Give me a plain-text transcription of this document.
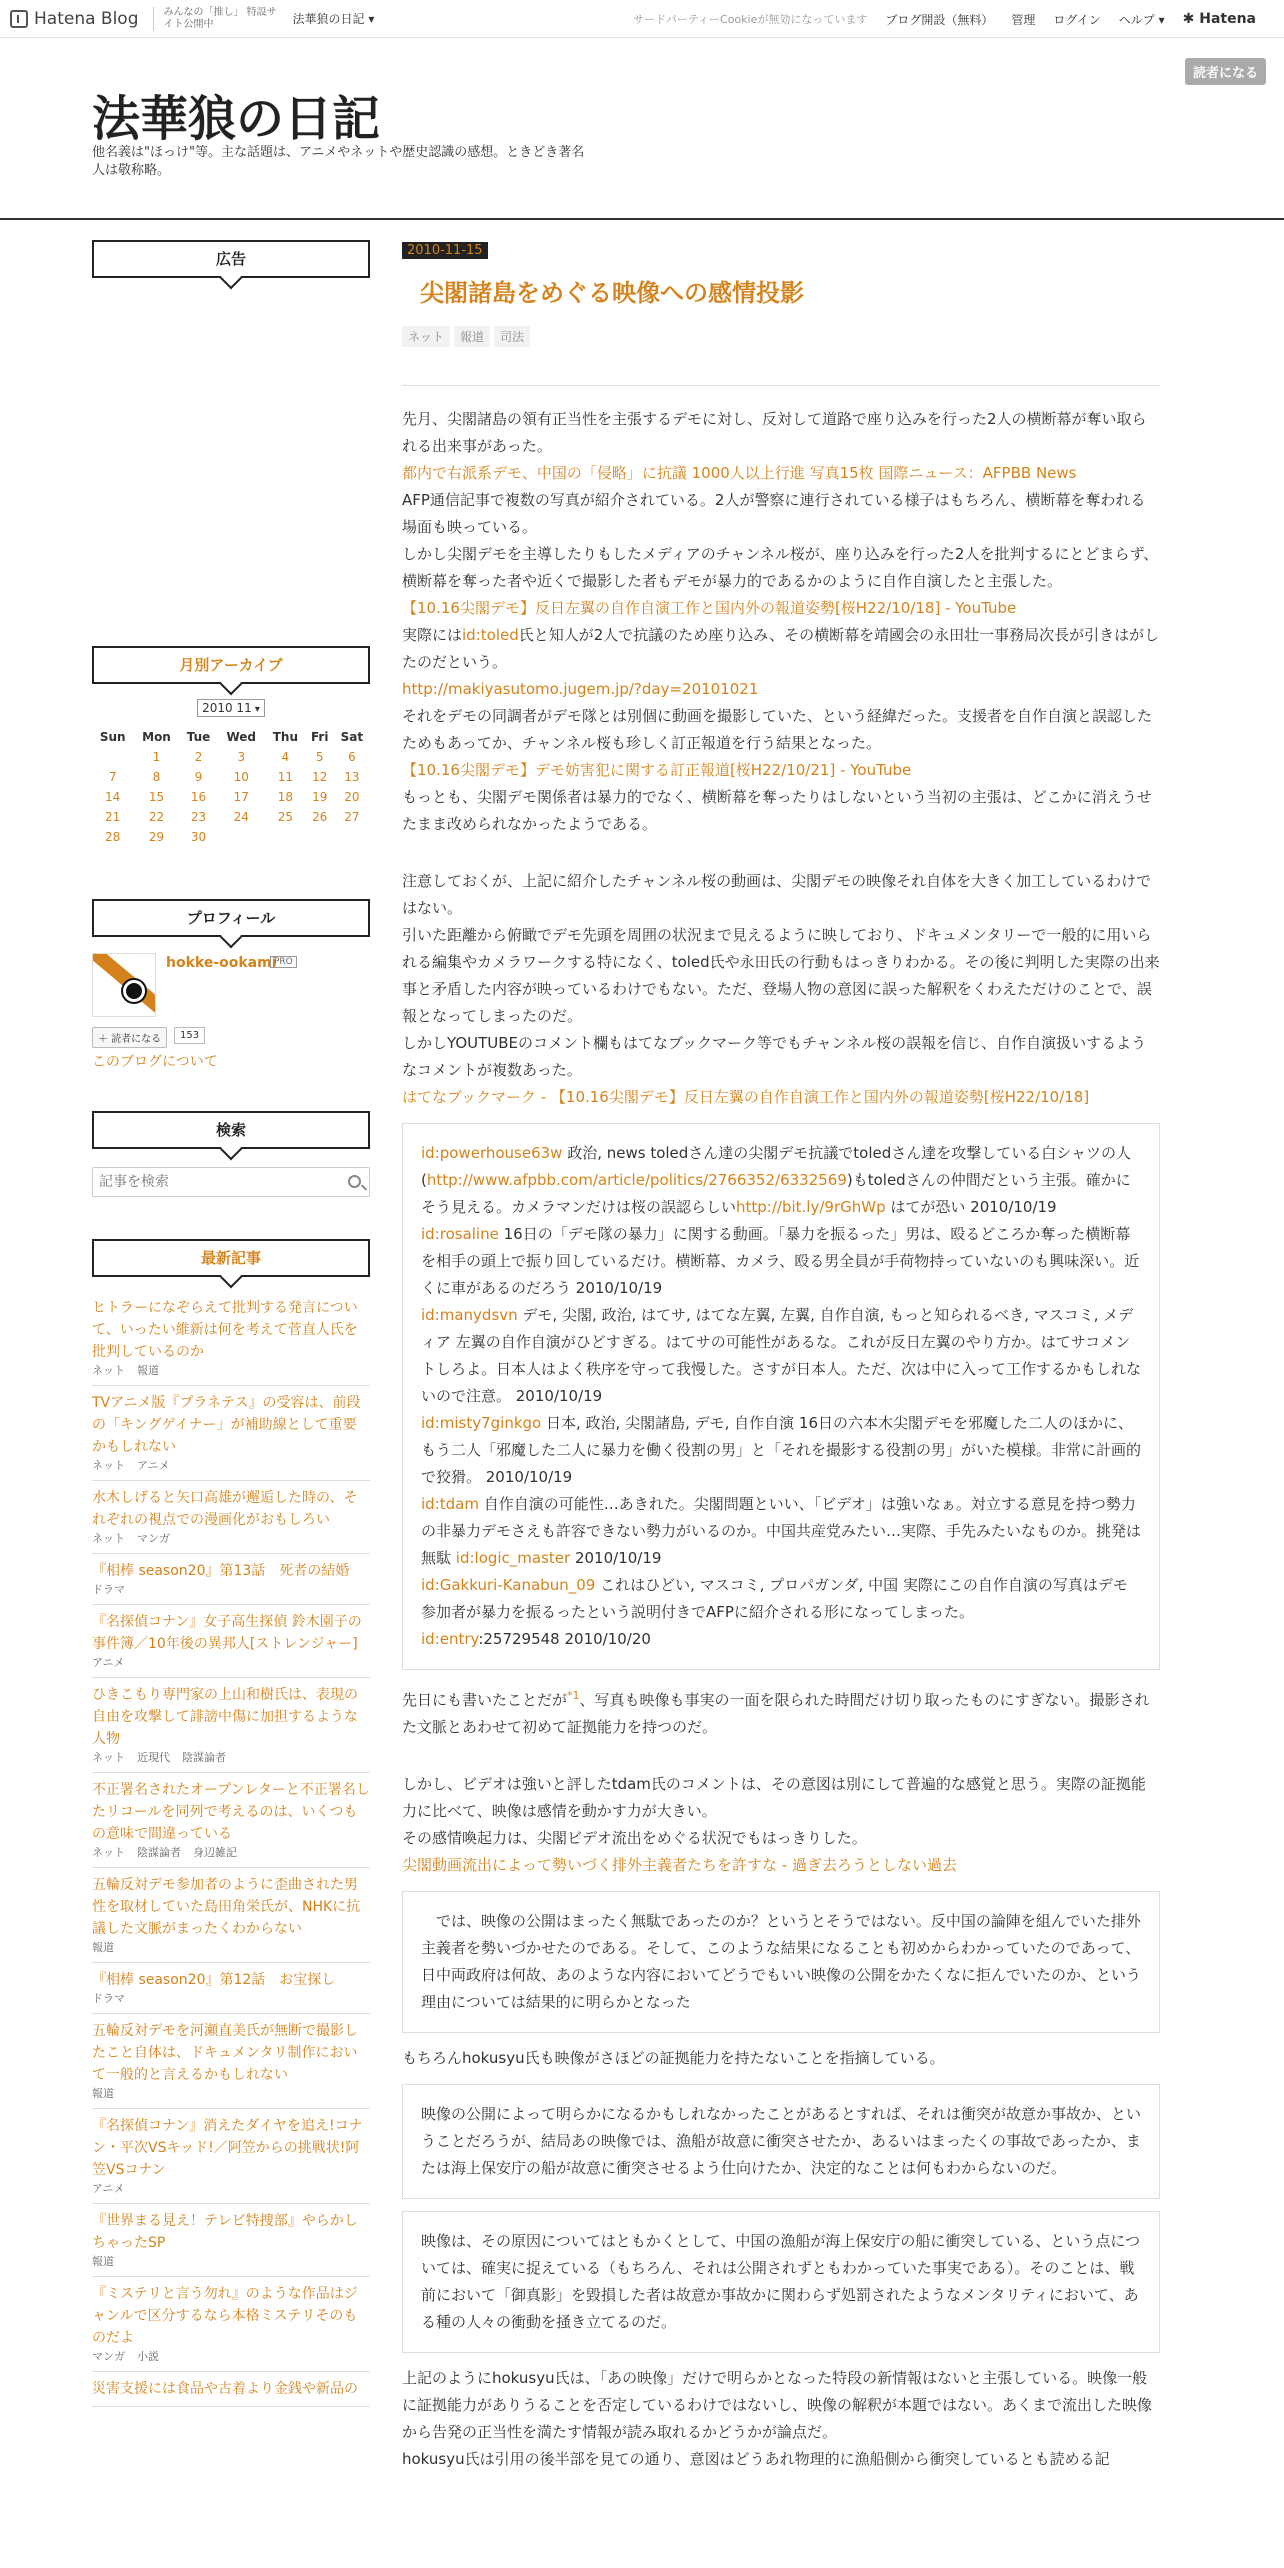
Hatena Blog	みんなの「推し」 特設サイト公開中	法華狼の日記 ▾	サードパーティーCookieが無効になっています ブログ開設（無料） 管理 ログイン ヘルプ ▾ ✱ Hatena
法華狼の日記
他名義は"ほっけ"等。主な話題は、アニメやネットや歴史認識の感想。ときどき著名人は敬称略。
読者になる
広告
月別アーカイブ
2010 11 ▾
Sun	Mon	Tue	Wed	Thu	Fri	Sat
	1	2	3	4	5	6
7	8	9	10	11	12	13
14	15	16	17	18	19	20
21	22	23	24	25	26	27
28	29	30				
プロフィール
hokke-ookami
PRO
＋ 読者になる	153
このブログについて
検索
記事を検索
最新記事
ヒトラーになぞらえて批判する発言について、いったい維新は何を考えて菅直人氏を批判しているのか
ネット 報道
TVアニメ版『プラネテス』の受容は、前段の「キングゲイナー」が補助線として重要かもしれない
ネット アニメ
水木しげると矢口高雄が邂逅した時の、それぞれの視点での漫画化がおもしろい
ネット マンガ
『相棒 season20』第13話　死者の結婚
ドラマ
『名探偵コナン』女子高生探偵 鈴木園子の事件簿／10年後の異邦人[ストレンジャー]
アニメ
ひきこもり専門家の上山和樹氏は、表現の自由を攻撃して誹謗中傷に加担するような人物
ネット 近現代 陰謀論者
不正署名されたオープンレターと不正署名したリコールを同列で考えるのは、いくつもの意味で間違っている
ネット 陰謀論者 身辺雑記
五輪反対デモ参加者のように歪曲された男性を取材していた島田角栄氏が、NHKに抗議した文脈がまったくわからない
報道
『相棒 season20』第12話　お宝探し
ドラマ
五輪反対デモを河瀬直美氏が無断で撮影したこと自体は、ドキュメンタリ制作において一般的と言えるかもしれない
報道
『名探偵コナン』消えたダイヤを追え!コナン・平次VSキッド!／阿笠からの挑戦状!阿笠VSコナン
アニメ
『世界まる見え！テレビ特捜部』やらかしちゃったSP
報道
『ミステリと言う勿れ』のような作品はジャンルで区分するなら本格ミステリそのものだよ
マンガ 小説
災害支援には食品や古着より金銭や新品の
2010-11-15
尖閣諸島をめぐる映像への感情投影
ネット 報道 司法

先月、尖閣諸島の領有正当性を主張するデモに対し、反対して道路で座り込みを行った2人の横断幕が奪い取られる出来事があった。

都内で右派系デモ、中国の「侵略」に抗議 1000人以上行進 写真15枚 国際ニュース：AFPBB News

AFP通信記事で複数の写真が紹介されている。2人が警察に連行されている様子はもちろん、横断幕を奪われる場面も映っている。

しかし尖閣デモを主導したりもしたメディアのチャンネル桜が、座り込みを行った2人を批判するにとどまらず、横断幕を奪った者や近くで撮影した者もデモが暴力的であるかのように自作自演したと主張した。

【10.16尖閣デモ】反日左翼の自作自演工作と国内外の報道姿勢[桜H22/10/18] - YouTube

実際にはid:toled氏と知人が2人で抗議のため座り込み、その横断幕を靖國会の永田壮一事務局次長が引きはがしたのだという。

http://makiyasutomo.jugem.jp/?day=20101021

それをデモの同調者がデモ隊とは別個に動画を撮影していた、という経緯だった。支援者を自作自演と誤認したためもあってか、チャンネル桜も珍しく訂正報道を行う結果となった。

【10.16尖閣デモ】デモ妨害犯に関する訂正報道[桜H22/10/21] - YouTube

もっとも、尖閣デモ関係者は暴力的でなく、横断幕を奪ったりはしないという当初の主張は、どこかに消えうせたまま改められなかったようである。

注意しておくが、上記に紹介したチャンネル桜の動画は、尖閣デモの映像それ自体を大きく加工しているわけではない。

引いた距離から俯瞰でデモ先頭を周囲の状況まで見えるように映しており、ドキュメンタリーで一般的に用いられる編集やカメラワークする特になく、toled氏や永田氏の行動もはっきりわかる。その後に判明した実際の出来事と矛盾した内容が映っているわけでもない。ただ、登場人物の意図に誤った解釈をくわえただけのことで、誤報となってしまったのだ。

しかしYOUTUBEのコメント欄もはてなブックマーク等でもチャンネル桜の誤報を信じ、自作自演扱いするようなコメントが複数あった。

はてなブックマーク - 【10.16尖閣デモ】反日左翼の自作自演工作と国内外の報道姿勢[桜H22/10/18]

id:powerhouse63w 政治, news toledさん達の尖閣デモ抗議でtoledさん達を攻撃している白シャツの人(http://www.afpbb.com/article/politics/2766352/6332569)もtoledさんの仲間だという主張。確かにそう見える。カメラマンだけは桜の誤認らしいhttp://bit.ly/9rGhWp はてが恐い 2010/10/19

id:rosaline 16日の「デモ隊の暴力」に関する動画。「暴力を振るった」男は、殴るどころか奪った横断幕を相手の頭上で振り回しているだけ。横断幕、カメラ、殴る男全員が手荷物持っていないのも興味深い。近くに車があるのだろう 2010/10/19

id:manydsvn デモ, 尖閣, 政治, はてサ, はてな左翼, 左翼, 自作自演, もっと知られるべき, マスコミ, メディア 左翼の自作自演がひどすぎる。はてサの可能性があるな。これが反日左翼のやり方か。はてサコメントしろよ。日本人はよく秩序を守って我慢した。さすが日本人。ただ、次は中に入って工作するかもしれないので注意。 2010/10/19

id:misty7ginkgo 日本, 政治, 尖閣諸島, デモ, 自作自演 16日の六本木尖閣デモを邪魔した二人のほかに、もう二人「邪魔した二人に暴力を働く役割の男」と「それを撮影する役割の男」がいた模様。非常に計画的で狡猾。 2010/10/19

id:tdam 自作自演の可能性…あきれた。尖閣問題といい、「ビデオ」は強いなぁ。対立する意見を持つ勢力の非暴力デモさえも許容できない勢力がいるのか。中国共産党みたい…実際、手先みたいなものか。挑発は無駄 id:logic_master 2010/10/19

id:Gakkuri-Kanabun_09 これはひどい, マスコミ, プロパガンダ, 中国 実際にこの自作自演の写真はデモ参加者が暴力を振るったという説明付きでAFPに紹介される形になってしまった。

id:entry:25729548 2010/10/20

先日にも書いたことだが$^{*1}$、写真も映像も事実の一面を限られた時間だけ切り取ったものにすぎない。撮影された文脈とあわせて初めて証拠能力を持つのだ。

しかし、ビデオは強いと評したtdam氏のコメントは、その意図は別にして普遍的な感覚と思う。実際の証拠能力に比べて、映像は感情を動かす力が大きい。

その感情喚起力は、尖閣ビデオ流出をめぐる状況でもはっきりした。

尖閣動画流出によって勢いづく排外主義者たちを許すな - 過ぎ去ろうとしない過去

　では、映像の公開はまったく無駄であったのか？というとそうではない。反中国の論陣を組んでいた排外主義者を勢いづかせたのである。そして、このような結果になることも初めからわかっていたのであって、日中両政府は何故、あのような内容においてどうでもいい映像の公開をかたくなに拒んでいたのか、という理由については結果的に明らかとなった

もちろんhokusyu氏も映像がさほどの証拠能力を持たないことを指摘している。

映像の公開によって明らかになるかもしれなかったことがあるとすれば、それは衝突が故意か事故か、ということだろうが、結局あの映像では、漁船が故意に衝突させたか、あるいはまったくの事故であったか、または海上保安庁の船が故意に衝突させるよう仕向けたか、決定的なことは何もわからないのだ。
映像は、その原因についてはともかくとして、中国の漁船が海上保安庁の船に衝突している、という点については、確実に捉えている（もちろん、それは公開されずともわかっていた事実である）。そのことは、戦前において「御真影」を毀損した者は故意か事故かに関わらず処罰されたようなメンタリティにおいて、ある種の人々の衝動を掻き立てるのだ。

上記のようにhokusyu氏は、「あの映像」だけで明らかとなった特段の新情報はないと主張している。映像一般に証拠能力がありうることを否定しているわけではないし、映像の解釈が本題ではない。あくまで流出した映像から告発の正当性を満たす情報が読み取れるかどうかが論点だ。

hokusyu氏は引用の後半部を見ての通り、意図はどうあれ物理的に漁船側から衝突しているとも読める記
